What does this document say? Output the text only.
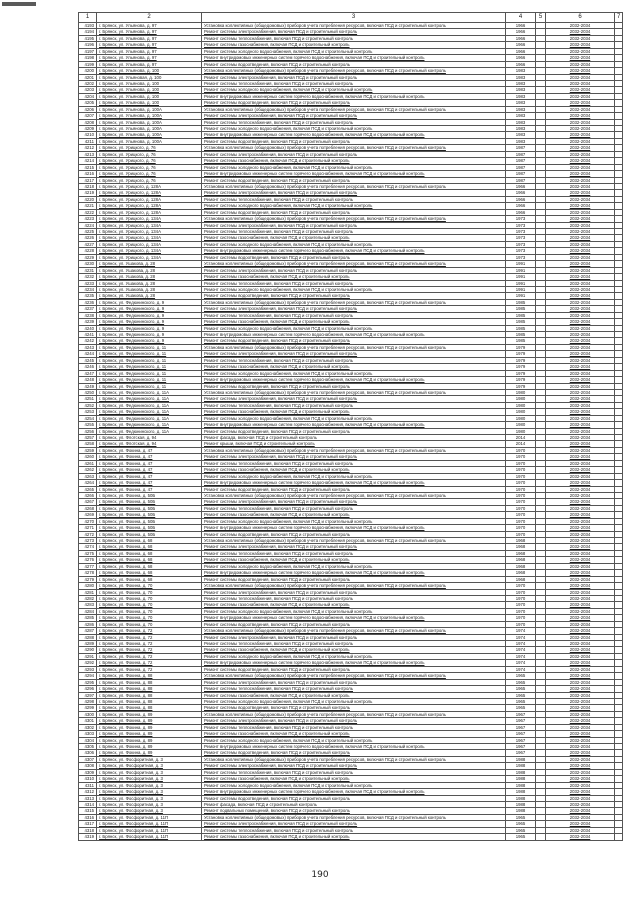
1	2	3	4	5	6	7
4193	г. Брянск, ул. Ульянова, д. 97	Установка коллективных (общедомовых) приборов учета потребления ресурсов, включая ПСД и строительный контроль	1966		2032-2034	
4194	г. Брянск, ул. Ульянова, д. 97	Ремонт системы электроснабжения, включая ПСД и строительный контроль	1966		2032-2034	
4195	г. Брянск, ул. Ульянова, д. 97	Ремонт системы теплоснабжения, включая ПСД и строительный контроль	1966		2032-2034	
4196	г. Брянск, ул. Ульянова, д. 97	Ремонт системы газоснабжения, включая ПСД и строительный контроль	1966		2032-2034	
4197	г. Брянск, ул. Ульянова, д. 97	Ремонт системы холодного водоснабжения, включая ПСД и строительный контроль	1966		2032-2034	
4198	г. Брянск, ул. Ульянова, д. 97	Ремонт внутридомовых инженерных систем горячего водоснабжения, включая ПСД и строительный контроль	1966		2032-2034	
4199	г. Брянск, ул. Ульянова, д. 97	Ремонт системы водоотведения, включая ПСД и строительный контроль	1966		2032-2034	
4200	г. Брянск, ул. Ульянова, д. 100	Установка коллективных (общедомовых) приборов учета потребления ресурсов, включая ПСД и строительный контроль	1983		2032-2034	
4201	г. Брянск, ул. Ульяновая, д. 100	Ремонт системы электроснабжения, включая ПСД и строительный контроль	1983		2032-2034	
4202	г. Брянск, ул. Ульянова, д. 100	Ремонт системы теплоснабжения, включая ПСД и строительный контроль	1983		2032-2034	
4203	г. Брянск, ул. Ульянова, д. 100	Ремонт системы холодного водоснабжения, включая ПСД и строительный контроль	1983		2032-2034	
4204	г. Брянск, ул. Ульянова, д. 100	Ремонт внутридомовых инженерных систем горячего водоснабжения, включая ПСД и строительный контроль	1983		2032-2034	
4205	г. Брянск, ул. Ульянова, д. 100	Ремонт системы водоотведения, включая ПСД и строительный контроль	1983		2032-2034	
4206	г. Брянск, ул. Ульянова, д. 100А	Установка коллективных (общедомовых) приборов учета потребления ресурсов, включая ПСД и строительный контроль	1983		2032-2034	
4207	г. Брянск, ул. Ульянова, д. 100А	Ремонт системы электроснабжения, включая ПСД и строительный контроль	1983		2032-2034	
4208	г. Брянск, ул. Ульянова, д. 100А	Ремонт системы теплоснабжения, включая ПСД и строительный контроль	1983		2032-2034	
4209	г. Брянск, ул. Ульянова, д. 100А	Ремонт системы холодного водоснабжения, включая ПСД и строительный контроль	1983		2032-2034	
4210	г. Брянск, ул. Ульянова, д. 100А	Ремонт внутридомовых инженерных систем горячего водоснабжения, включая ПСД и строительный контроль	1983		2032-2034	
4211	г. Брянск, ул. Ульянова, д. 100А	Ремонт системы водоотведения, включая ПСД и строительный контроль	1983		2032-2034	
4212	г. Брянск, ул. Урицкого, д. 76	Установка коллективных (общедомовых) приборов учета потребления ресурсов, включая ПСД и строительный контроль	1987		2032-2034	
4213	г. Брянск, ул. Урицкого, д. 76	Ремонт системы электроснабжения, включая ПСД и строительный контроль	1987		2032-2034	
4214	г. Брянск, ул. Урицкого, д. 76	Ремонт системы газоснабжения, включая ПСД и строительный контроль	1987		2032-2034	
4215	г. Брянск, ул. Урицкого, д. 76	Ремонт системы холодного водоснабжения, включая ПСД и строительный контроль	1987		2032-2034	
4216	г. Брянск, ул. Урицкого, д. 76	Ремонт внутридомовых инженерных систем горячего водоснабжения, включая ПСД и строительный контроль	1987		2032-2034	
4217	г. Брянск, ул. Урицкого, д. 76	Ремонт системы водоотведения, включая ПСД и строительный контроль	1987		2032-2034	
4218	г. Брянск, ул. Урицкого, д. 128А	Установка коллективных (общедомовых) приборов учета потребления ресурсов, включая ПСД и строительный контроль	1966		2032-2034	
4219	г. Брянск, ул. Урицкого, д. 128А	Ремонт системы электроснабжения, включая ПСД и строительный контроль	1966		2032-2034	
4220	г. Брянск, ул. Урицкого, д. 128А	Ремонт системы теплоснабжения, включая ПСД и строительный контроль	1966		2032-2034	
4221	г. Брянск, ул. Урицкого, д. 128А	Ремонт системы холодного водоснабжения, включая ПСД и строительный контроль	1966		2032-2034	
4222	г. Брянск, ул. Урицкого, д. 128А	Ремонт системы водоотведения, включая ПСД и строительный контроль	1966		2032-2034	
4223	г. Брянск, ул. Урицкого, д. 134А	Установка коллективных (общедомовых) приборов учета потребления ресурсов, включая ПСД и строительный контроль	1973		2032-2034	
4224	г. Брянск, ул. Урицкого, д. 134А	Ремонт системы электроснабжения, включая ПСД и строительный контроль	1973		2032-2034	
4225	г. Брянск, ул. Урицкого, д. 134А	Ремонт системы теплоснабжения, включая ПСД и строительный контроль	1973		2032-2034	
4226	г. Брянск, ул. Урицкого, д. 134А	Ремонт системы газоснабжения, включая ПСД и строительный контроль	1973		2032-2034	
4227	г. Брянск, ул. Урицкого, д. 134А	Ремонт системы холодного водоснабжения, включая ПСД и строительный контроль	1973		2032-2034	
4228	г. Брянск, ул. Урицкого, д. 134А	Ремонт внутридомовых инженерных систем горячего водоснабжения, включая ПСД и строительный контроль	1973		2032-2034	
4229	г. Брянск, ул. Урицкого, д. 134А	Ремонт системы водоотведения, включая ПСД и строительный контроль	1973		2032-2034	
4230	г. Брянск, ул. Ушакова, д. 28	Установка коллективных (общедомовых) приборов учета потребления ресурсов, включая ПСД и строительный контроль	1991		2032-2034	
4231	г. Брянск, ул. Ушакова, д. 28	Ремонт системы электроснабжения, включая ПСД и строительный контроль	1991		2032-2034	
4232	г. Брянск, ул. Ушакова, д. 28	Ремонт системы газоснабжения, включая ПСД и строительный контроль	1991		2032-2034	
4233	г. Брянск, ул. Ушакова, д. 28	Ремонт системы теплоснабжения, включая ПСД и строительный контроль	1991		2032-2034	
4234	г. Брянск, ул. Ушакова, д. 28	Ремонт системы холодного водоснабжения, включая ПСД и строительный контроль	1991		2032-2034	
4235	г. Брянск, ул. Ушакова, д. 28	Ремонт системы водоотведения, включая ПСД и строительный контроль	1991		2032-2034	
4236	г. Брянск, ул. Федюнинского, д. 9	Установка коллективных (общедомовых) приборов учета потребления ресурсов, включая ПСД и строительный контроль	1985		2032-2034	
4237	г. Брянск, ул. Федюнинского, д. 9	Ремонт системы электроснабжения, включая ПСД и строительный контроль	1985		2032-2034	
4238	г. Брянск, ул. Федюнинского, д. 9	Ремонт системы теплоснабжения, включая ПСД и строительный контроль	1985		2032-2034	
4239	г. Брянск, ул. Федюнинского, д. 9	Ремонт системы газоснабжения, включая ПСД и строительный контроль	1985		2032-2034	
4240	г. Брянск, ул. Федюнинского, д. 9	Ремонт системы холодного водоснабжения, включая ПСД и строительный контроль	1985		2032-2034	
4241	г. Брянск, ул. Федюнинского, д. 9	Ремонт внутридомовых инженерных систем горячего водоснабжения, включая ПСД и строительный контроль	1985		2032-2034	
4242	г. Брянск, ул. Федюнинского, д. 9	Ремонт системы водоотведения, включая ПСД и строительный контроль	1985		2032-2034	
4243	г. Брянск, ул. Федюнинского, д. 11	Установка коллективных (общедомовых) приборов учета потребления ресурсов, включая ПСД и строительный контроль	1979		2032-2034	
4244	г. Брянск, ул. Федюнинского, д. 11	Ремонт системы электроснабжения, включая ПСД и строительный контроль	1979		2032-2034	
4245	г. Брянск, ул. Федюнинского, д. 11	Ремонт системы теплоснабжения, включая ПСД и строительный контроль	1979		2032-2034	
4246	г. Брянск, ул. Федюнинского, д. 11	Ремонт системы газоснабжения, включая ПСД и строительный контроль	1979		2032-2034	
4247	г. Брянск, ул. Федюнинского, д. 11	Ремонт системы холодного водоснабжения, включая ПСД и строительный контроль	1979		2032-2034	
4248	г. Брянск, ул. Федюнинского, д. 11	Ремонт внутридомовых инженерных систем горячего водоснабжения, включая ПСД и строительный контроль	1979		2032-2034	
4249	г. Брянск, ул. Федюнинского, д. 11	Ремонт системы водоотведения, включая ПСД и строительный контроль	1979		2032-2034	
4250	г. Брянск, ул. Федюнинского, д. 11А	Установка коллективных (общедомовых) приборов учета потребления ресурсов, включая ПСД и строительный контроль	1980		2032-2034	
4251	г. Брянск, ул. Федюнинского, д. 11А	Ремонт системы электроснабжения, включая ПСД и строительный контроль	1980		2032-2034	
4252	г. Брянск, ул. Федюнинского, д. 11А	Ремонт системы теплоснабжения, включая ПСД и строительный контроль	1980		2032-2034	
4253	г. Брянск, ул. Федюнинского, д. 11А	Ремонт системы газоснабжения, включая ПСД и строительный контроль	1980		2032-2034	
4254	г. Брянск, ул. Федюнинского, д. 11А	Ремонт системы холодного водоснабжения, включая ПСД и строительный контроль	1980		2032-2034	
4255	г. Брянск, ул. Федюнинского, д. 11А	Ремонт внутридомовых инженерных систем горячего водоснабжения, включая ПСД и строительный контроль	1980		2032-2034	
4256	г. Брянск, ул. Федюнинского, д. 11А	Ремонт системы водоотведения, включая ПСД и строительный контроль	1980		2032-2034	
4257	г. Брянск, ул. Флотская, д. 94	Ремонт фасада, включая ПСД и строительный контроль	2014		2032-2034	
4258	г. Брянск, ул. Флотская, д. 94	Ремонт крыши, включая ПСД и строительный контроль	2014		2032-2034	
4259	г. Брянск, ул. Фокина, д. 47	Установка коллективных (общедомовых) приборов учета потребления ресурсов, включая ПСД и строительный контроль	1970		2032-2034	
4260	г. Брянск, ул. Фокина, д. 47	Ремонт системы электроснабжения, включая ПСД и строительный контроль	1970		2032-2034	
4261	г. Брянск, ул. Фокина, д. 47	Ремонт системы теплоснабжения, включая ПСД и строительный контроль	1970		2032-2034	
4262	г. Брянск, ул. Фокина, д. 47	Ремонт системы газоснабжения, включая ПСД и строительный контроль	1970		2032-2034	
4263	г. Брянск, ул. Фокина, д. 47	Ремонт системы холодного водоснабжения, включая ПСД и строительный контроль	1970		2032-2034	
4264	г. Брянск, ул. Фокина, д. 47	Ремонт внутридомовых инженерных систем горячего водоснабжения, включая ПСД и строительный контроль	1970		2032-2034	
4265	г. Брянск, ул. Фокина, д. 47	Ремонт системы водоотведения, включая ПСД и строительный контроль	1970		2032-2034	
4266	г. Брянск, ул. Фокина, д. 50Б	Установка коллективных (общедомовых) приборов учета потребления ресурсов, включая ПСД и строительный контроль	1970		2032-2034	
4267	г. Брянск, ул. Фокина, д. 50Б	Ремонт системы электроснабжения, включая ПСД и строительный контроль	1970		2032-2034	
4268	г. Брянск, ул. Фокина, д. 50Б	Ремонт системы теплоснабжения, включая ПСД и строительный контроль	1970		2032-2034	
4269	г. Брянск, ул. Фокина, д. 50Б	Ремонт системы газоснабжения, включая ПСД и строительный контроль	1970		2032-2034	
4270	г. Брянск, ул. Фокина, д. 50Б	Ремонт системы холодного водоснабжения, включая ПСД и строительный контроль	1970		2032-2034	
4271	г. Брянск, ул. Фокина, д. 50Б	Ремонт внутридомовых инженерных систем горячего водоснабжения, включая ПСД и строительный контроль	1970		2032-2034	
4272	г. Брянск, ул. Фокина, д. 50Б	Ремонт системы водоотведения, включая ПСД и строительный контроль	1970		2032-2034	
4273	г. Брянск, ул. Фокина, д. 68	Установка коллективных (общедомовых) приборов учета потребления ресурсов, включая ПСД и строительный контроль	1968		2032-2034	
4274	г. Брянск, ул. Фокина, д. 68	Ремонт системы электроснабжения, включая ПСД и строительный контроль	1968		2032-2034	
4275	г. Брянск, ул. Фокина, д. 68	Ремонт системы теплоснабжения, включая ПСД и строительный контроль	1968		2032-2034	
4276	г. Брянск, ул. Фокина, д. 68	Ремонт системы газоснабжения, включая ПСД и строительный контроль	1968		2032-2034	
4277	г. Брянск, ул. Фокина, д. 68	Ремонт системы холодного водоснабжения, включая ПСД и строительный контроль	1968		2032-2034	
4278	г. Брянск, ул. Фокина, д. 68	Ремонт внутридомовых инженерных систем горячего водоснабжения, включая ПСД и строительный контроль	1968		2032-2034	
4279	г. Брянск, ул. Фокина, д. 68	Ремонт системы водоотведения, включая ПСД и строительный контроль	1968		2032-2034	
4280	г. Брянск, ул. Фокина, д. 70	Установка коллективных (общедомовых) приборов учета потребления ресурсов, включая ПСД и строительный контроль	1970		2032-2034	
4281	г. Брянск, ул. Фокина, д. 70	Ремонт системы электроснабжения, включая ПСД и строительный контроль	1970		2032-2034	
4282	г. Брянск, ул. Фокина, д. 70	Ремонт системы теплоснабжения, включая ПСД и строительный контроль	1970		2032-2034	
4283	г. Брянск, ул. Фокина, д. 70	Ремонт системы газоснабжения, включая ПСД и строительный контроль	1970		2032-2034	
4284	г. Брянск, ул. Фокина, д. 70	Ремонт системы холодного водоснабжения, включая ПСД и строительный контроль	1970		2032-2034	
4285	г. Брянск, ул. Фокина, д. 70	Ремонт внутридомовых инженерных систем горячего водоснабжения, включая ПСД и строительный контроль	1970		2032-2034	
4286	г. Брянск, ул. Фокина, д. 70	Ремонт системы водоотведения, включая ПСД и строительный контроль	1970		2032-2034	
4287	г. Брянск, ул. Фокина, д. 72	Установка коллективных (общедомовых) приборов учета потребления ресурсов, включая ПСД и строительный контроль	1974		2032-2034	
4288	г. Брянск, ул. Фокина, д. 72	Ремонт системы электроснабжения, включая ПСД и строительный контроль	1974		2032-2034	
4289	г. Брянск, ул. Фокина, д. 72	Ремонт системы теплоснабжения, включая ПСД и строительный контроль	1974		2032-2034	
4290	г. Брянск, ул. Фокина, д. 72	Ремонт системы газоснабжения, включая ПСД и строительный контроль	1974		2032-2034	
4291	г. Брянск, ул. Фокина, д. 72	Ремонт системы холодного водоснабжения, включая ПСД и строительный контроль	1974		2032-2034	
4292	г. Брянск, ул. Фокина, д. 72	Ремонт внутридомовых инженерных систем горячего водоснабжения, включая ПСД и строительный контроль	1974		2032-2034	
4293	г. Брянск, ул. Фокина, д. 72	Ремонт системы водоотведения, включая ПСД и строительный контроль	1974		2032-2034	
4294	г. Брянск, ул. Фокина, д. 88	Установка коллективных (общедомовых) приборов учета потребления ресурсов, включая ПСД и строительный контроль	1965		2032-2034	
4295	г. Брянск, ул. Фокина, д. 88	Ремонт системы электроснабжения, включая ПСД и строительный контроль	1965		2032-2034	
4296	г. Брянск, ул. Фокина, д. 88	Ремонт системы теплоснабжения, включая ПСД и строительный контроль	1965		2032-2034	
4297	г. Брянск, ул. Фокина, д. 88	Ремонт системы газоснабжения, включая ПСД и строительный контроль	1965		2032-2034	
4298	г. Брянск, ул. Фокина, д. 88	Ремонт системы холодного водоснабжения, включая ПСД и строительный контроль	1965		2032-2034	
4299	г. Брянск, ул. Фокина, д. 88	Ремонт системы водоотведения, включая ПСД и строительный контроль	1965		2032-2034	
4300	г. Брянск, ул. Фокина, д. 89	Установка коллективных (общедомовых) приборов учета потребления ресурсов, включая ПСД и строительный контроль	1967		2032-2034	
4301	г. Брянск, ул. Фокина, д. 89	Ремонт системы электроснабжения, включая ПСД и строительный контроль	1967		2032-2034	
4302	г. Брянск, ул. Фокина, д. 89	Ремонт системы теплоснабжения, включая ПСД и строительный контроль	1967		2032-2034	
4303	г. Брянск, ул. Фокина, д. 89	Ремонт системы газоснабжения, включая ПСД и строительный контроль	1967		2032-2034	
4304	г. Брянск, ул. Фокина, д. 89	Ремонт системы холодного водоснабжения, включая ПСД и строительный контроль	1967		2032-2034	
4305	г. Брянск, ул. Фокина, д. 89	Ремонт внутридомовых инженерных систем горячего водоснабжения, включая ПСД и строительный контроль	1967		2032-2034	
4306	г. Брянск, ул. Фокина, д. 89	Ремонт системы водоотведения, включая ПСД и строительный контроль	1967		2032-2034	
4307	г. Брянск, ул. Фосфоритная, д. 3	Установка коллективных (общедомовых) приборов учета потребления ресурсов, включая ПСД и строительный контроль	1988		2032-2034	
4308	г. Брянск, ул. Фосфоритная, д. 3	Ремонт системы электроснабжения, включая ПСД и строительный контроль	1988		2032-2034	
4309	г. Брянск, ул. Фосфоритная, д. 3	Ремонт системы теплоснабжения, включая ПСД и строительный контроль	1988		2032-2034	
4310	г. Брянск, ул. Фосфоритная, д. 3	Ремонт системы газоснабжения, включая ПСД и строительный контроль	1988		2032-2034	
4311	г. Брянск, ул. Фосфоритная, д. 3	Ремонт системы холодного водоснабжения, включая ПСД и строительный контроль	1988		2032-2034	
4312	г. Брянск, ул. Фосфоритная, д. 3	Ремонт внутридомовых инженерных систем горячего водоснабжения, включая ПСД и строительный контроль	1988		2032-2034	
4313	г. Брянск, ул. Фосфоритная, д. 3	Ремонт системы водоотведения, включая ПСД и строительный контроль	1988		2032-2034	
4314	г. Брянск, ул. Фосфоритная, д. 3	Ремонт фасада, включая ПСД и строительный контроль	1988		2032-2034	
4315	г. Брянск, ул. Фосфоритная, д. 3	Ремонт подвальных помещений, включая ПСД и строительный контроль	1988		2032-2034	
4316	г. Брянск, ул. Фосфоритная, д. 11П	Установка коллективных (общедомовых) приборов учета потребления ресурсов, включая ПСД и строительный контроль	1965		2032-2034	
4317	г. Брянск, ул. Фосфоритная, д. 11П	Ремонт системы электроснабжения, включая ПСД и строительный контроль	1965		2032-2034	
4318	г. Брянск, ул. Фосфоритная, д. 11П	Ремонт системы теплоснабжения, включая ПСД и строительный контроль	1965		2032-2034	
4319	г. Брянск, ул. Фосфоритная, д. 11П	Ремонт системы газоснабжения, включая ПСД и строительный контроль	1965		2032-2034	
190
